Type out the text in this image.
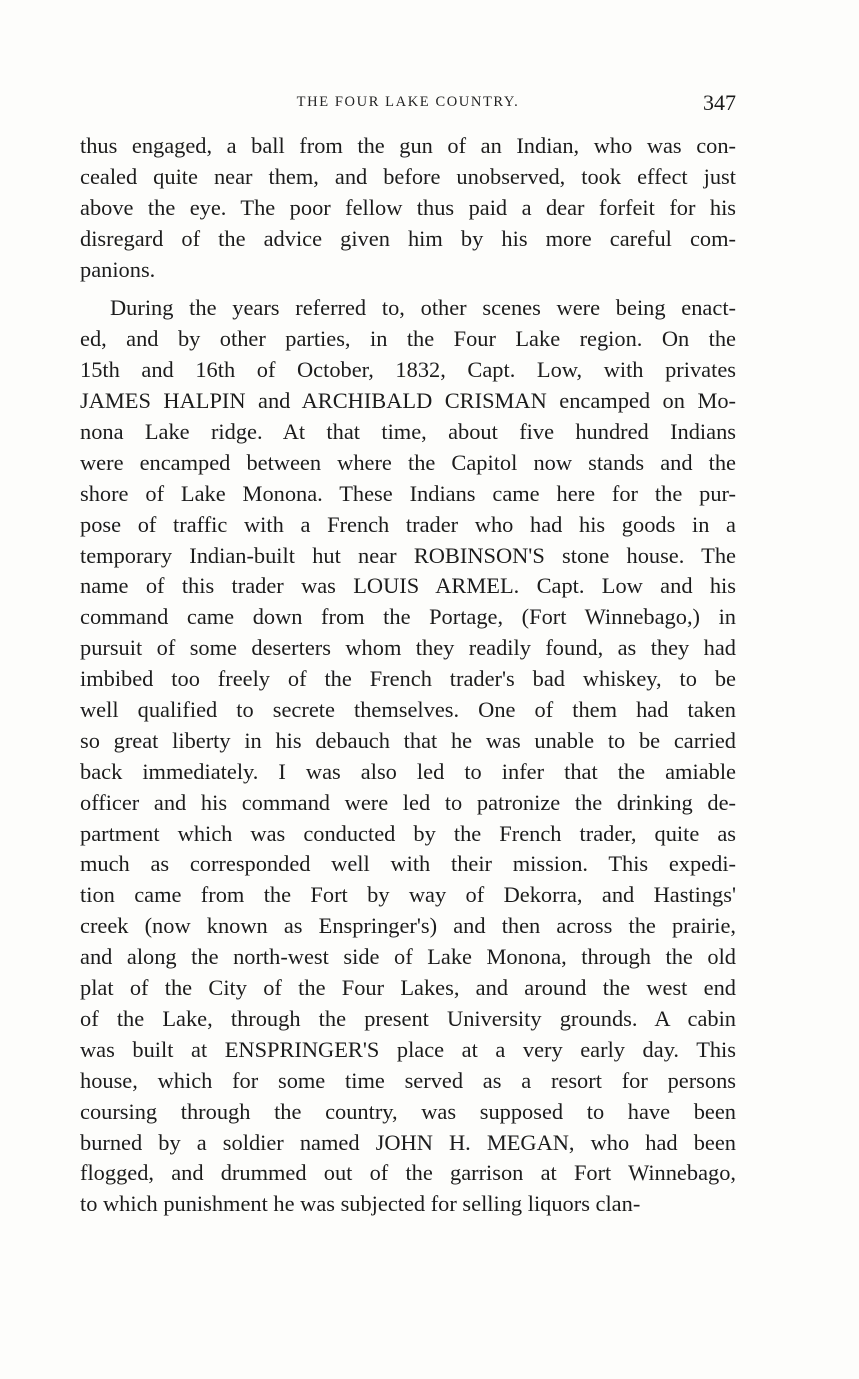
THE FOUR LAKE COUNTRY.	347
thus engaged, a ball from the gun of an Indian, who was con-
cealed quite near them, and before unobserved, took effect just
above the eye. The poor fellow thus paid a dear forfeit for his
disregard of the advice given him by his more careful com-
panions.
During the years referred to, other scenes were being enact-
ed, and by other parties, in the Four Lake region. On the
15th and 16th of October, 1832, Capt. Low, with privates
JAMES HALPIN and ARCHIBALD CRISMAN encamped on Mo-
nona Lake ridge. At that time, about five hundred Indians
were encamped between where the Capitol now stands and the
shore of Lake Monona. These Indians came here for the pur-
pose of traffic with a French trader who had his goods in a
temporary Indian-built hut near ROBINSON'S stone house. The
name of this trader was LOUIS ARMEL. Capt. Low and his
command came down from the Portage, (Fort Winnebago,) in
pursuit of some deserters whom they readily found, as they had
imbibed too freely of the French trader's bad whiskey, to be
well qualified to secrete themselves. One of them had taken
so great liberty in his debauch that he was unable to be carried
back immediately. I was also led to infer that the amiable
officer and his command were led to patronize the drinking de-
partment which was conducted by the French trader, quite as
much as corresponded well with their mission. This expedi-
tion came from the Fort by way of Dekorra, and Hastings'
creek (now known as Enspringer's) and then across the prairie,
and along the north-west side of Lake Monona, through the old
plat of the City of the Four Lakes, and around the west end
of the Lake, through the present University grounds. A cabin
was built at ENSPRINGER'S place at a very early day. This
house, which for some time served as a resort for persons
coursing through the country, was supposed to have been
burned by a soldier named JOHN H. MEGAN, who had been
flogged, and drummed out of the garrison at Fort Winnebago,
to which punishment he was subjected for selling liquors clan-
